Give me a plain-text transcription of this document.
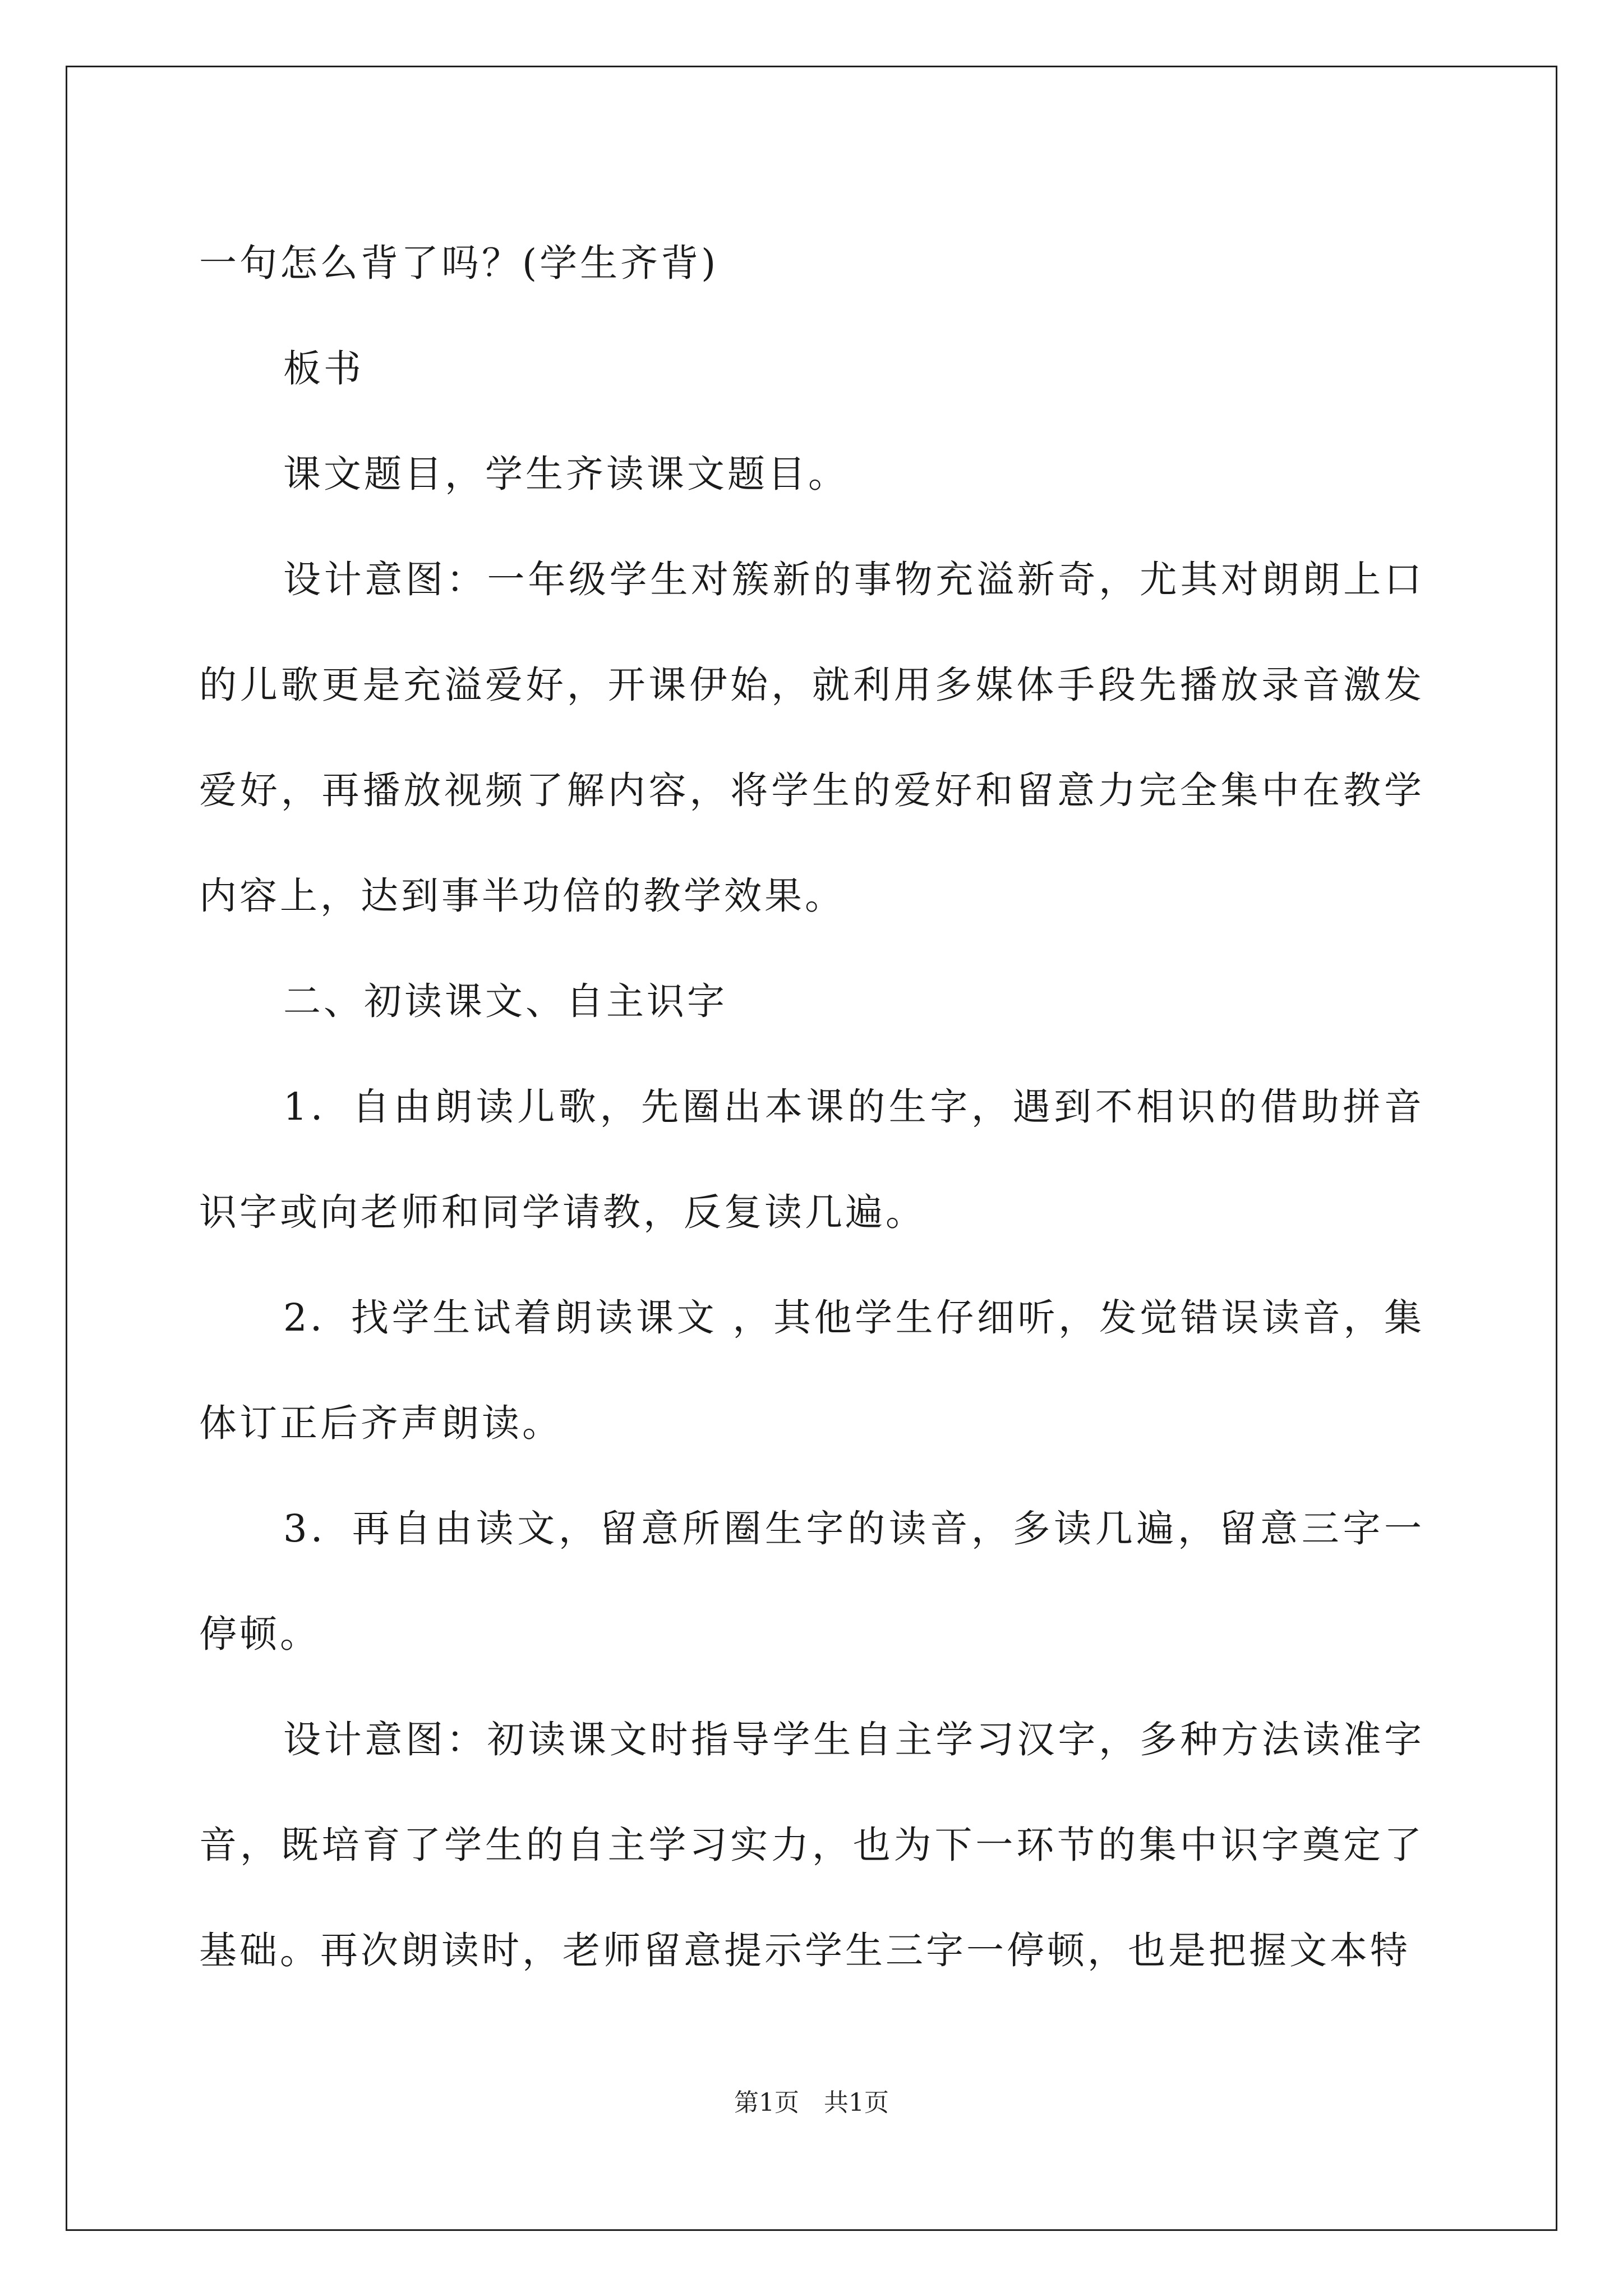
一句怎么背了吗？(学生齐背)

板书

课文题目，学生齐读课文题目。

设计意图：一年级学生对簇新的事物充溢新奇，尤其对朗朗上口的儿歌更是充溢爱好，开课伊始，就利用多媒体手段先播放录音激发爱好，再播放视频了解内容，将学生的爱好和留意力完全集中在教学内容上，达到事半功倍的教学效果。

二、初读课文、自主识字

1．自由朗读儿歌，先圈出本课的生字，遇到不相识的借助拼音识字或向老师和同学请教，反复读几遍。

2．找学生试着朗读课文 ，其他学生仔细听，发觉错误读音，集体订正后齐声朗读。

3．再自由读文，留意所圈生字的读音，多读几遍，留意三字一停顿。

设计意图：初读课文时指导学生自主学习汉字，多种方法读准字音，既培育了学生的自主学习实力，也为下一环节的集中识字奠定了基础。再次朗读时，老师留意提示学生三字一停顿，也是把握文本特

第1页　共1页
